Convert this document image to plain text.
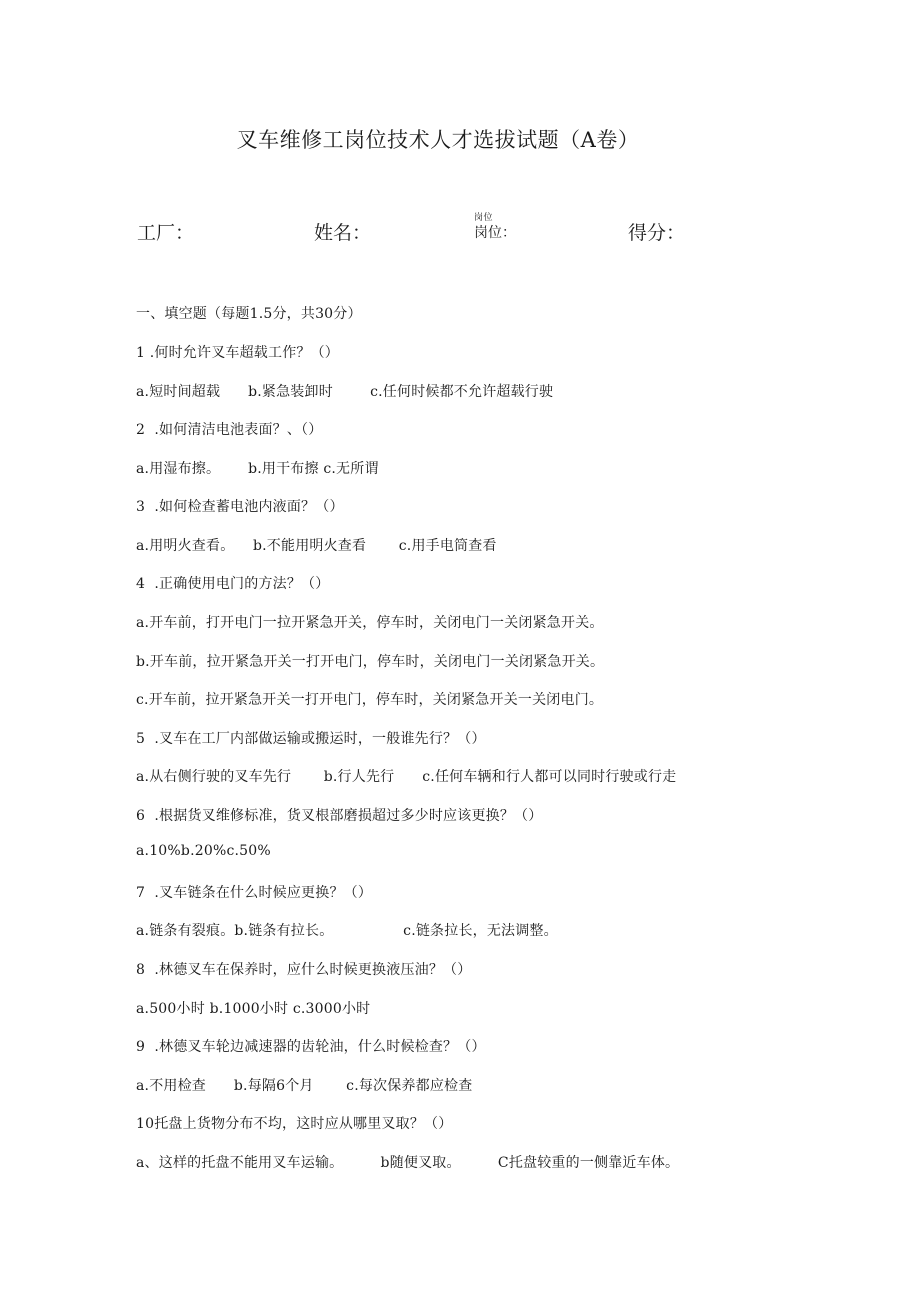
叉车维修工岗位技术人才选拔试题（A卷）
工厂：	姓名：
岗位
岗位：	得分：
一、填空题（每题1.5分，共30分）
1 .何时允许叉车超载工作？（）
a.短时间超载      b.紧急装卸时        c.任何时候都不允许超载行驶
2  .如何清洁电池表面？、（）
a.用湿布擦。      b.用干布擦 c.无所谓
3  .如何检查蓄电池内液面？（）
a.用明火查看。    b.不能用明火查看       c.用手电筒查看
4  .正确使用电门的方法？（）
a.开车前，打开电门一拉开紧急开关，停车时，关闭电门一关闭紧急开关。
b.开车前，拉开紧急开关一打开电门，停车时，关闭电门一关闭紧急开关。
c.开车前，拉开紧急开关一打开电门，停车时，关闭紧急开关一关闭电门。
5  .叉车在工厂内部做运输或搬运时，一般谁先行？（）
a.从右侧行驶的叉车先行       b.行人先行      c.任何车辆和行人都可以同时行驶或行走
6  .根据货叉维修标准，货叉根部磨损超过多少时应该更换？（）
a.10%b.20%c.50%
7  .叉车链条在什么时候应更换？（）
a.链条有裂痕。b.链条有拉长。               c.链条拉长，无法调整。
8  .林德叉车在保养时，应什么时候更换液压油？（）
a.500小时 b.1000小时 c.3000小时
9  .林德叉车轮边减速器的齿轮油，什么时候检查？（）
a.不用检查      b.每隔6个月       c.每次保养都应检查
10托盘上货物分布不均，这时应从哪里叉取？（）
a、这样的托盘不能用叉车运输。        b随便叉取。        C托盘较重的一侧靠近车体。
